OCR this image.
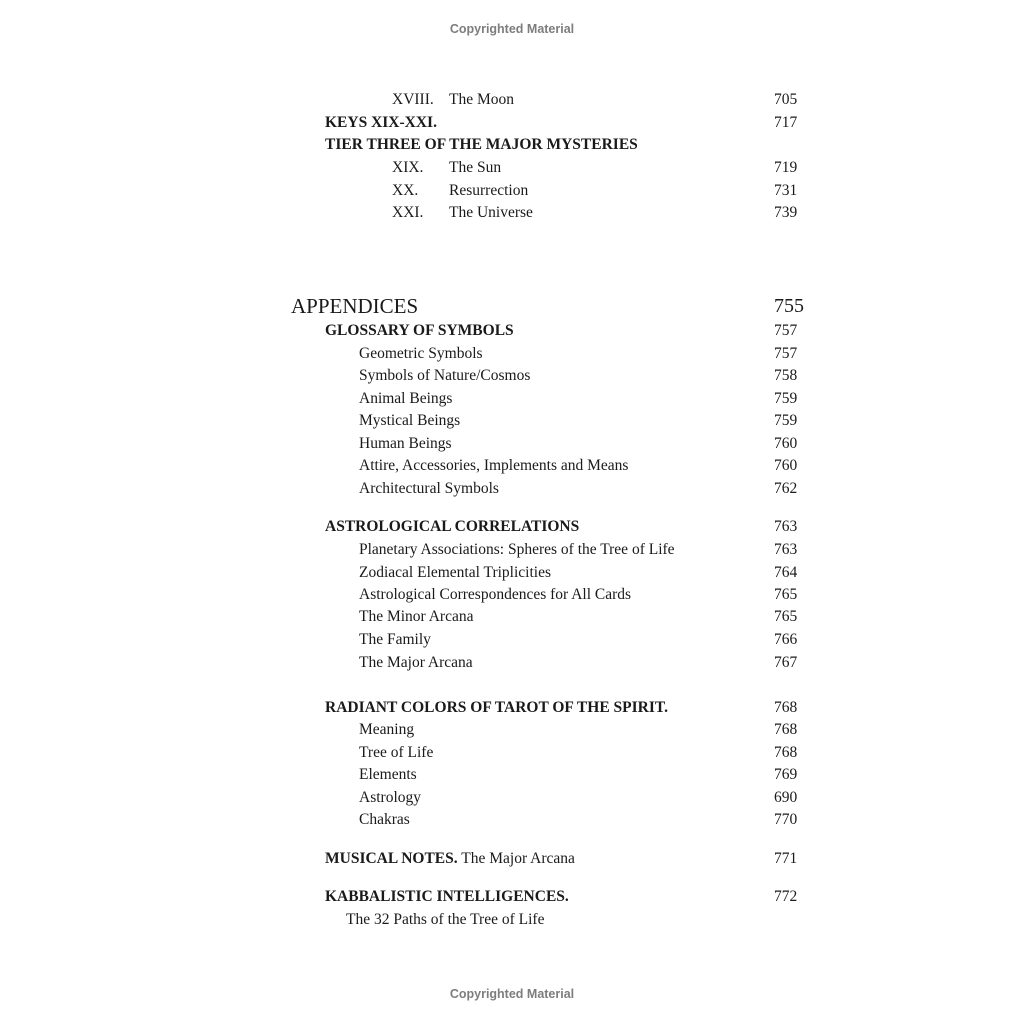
Copyrighted Material
XVIII. The Moon	705
KEYS XIX-XXI.	717
TIER THREE OF THE MAJOR MYSTERIES
XIX. The Sun	719
XX. Resurrection	731
XXI. The Universe	739
APPENDICES	755
GLOSSARY OF SYMBOLS	757
Geometric Symbols	757
Symbols of Nature/Cosmos	758
Animal Beings	759
Mystical Beings	759
Human Beings	760
Attire, Accessories, Implements and Means	760
Architectural Symbols	762
ASTROLOGICAL CORRELATIONS	763
Planetary Associations: Spheres of the Tree of Life	763
Zodiacal Elemental Triplicities	764
Astrological Correspondences for All Cards	765
The Minor Arcana	765
The Family	766
The Major Arcana	767
RADIANT COLORS OF TAROT OF THE SPIRIT.	768
Meaning	768
Tree of Life	768
Elements	769
Astrology	690
Chakras	770
MUSICAL NOTES. The Major Arcana	771
KABBALISTIC INTELLIGENCES.	772
The 32 Paths of the Tree of Life
Copyrighted Material
